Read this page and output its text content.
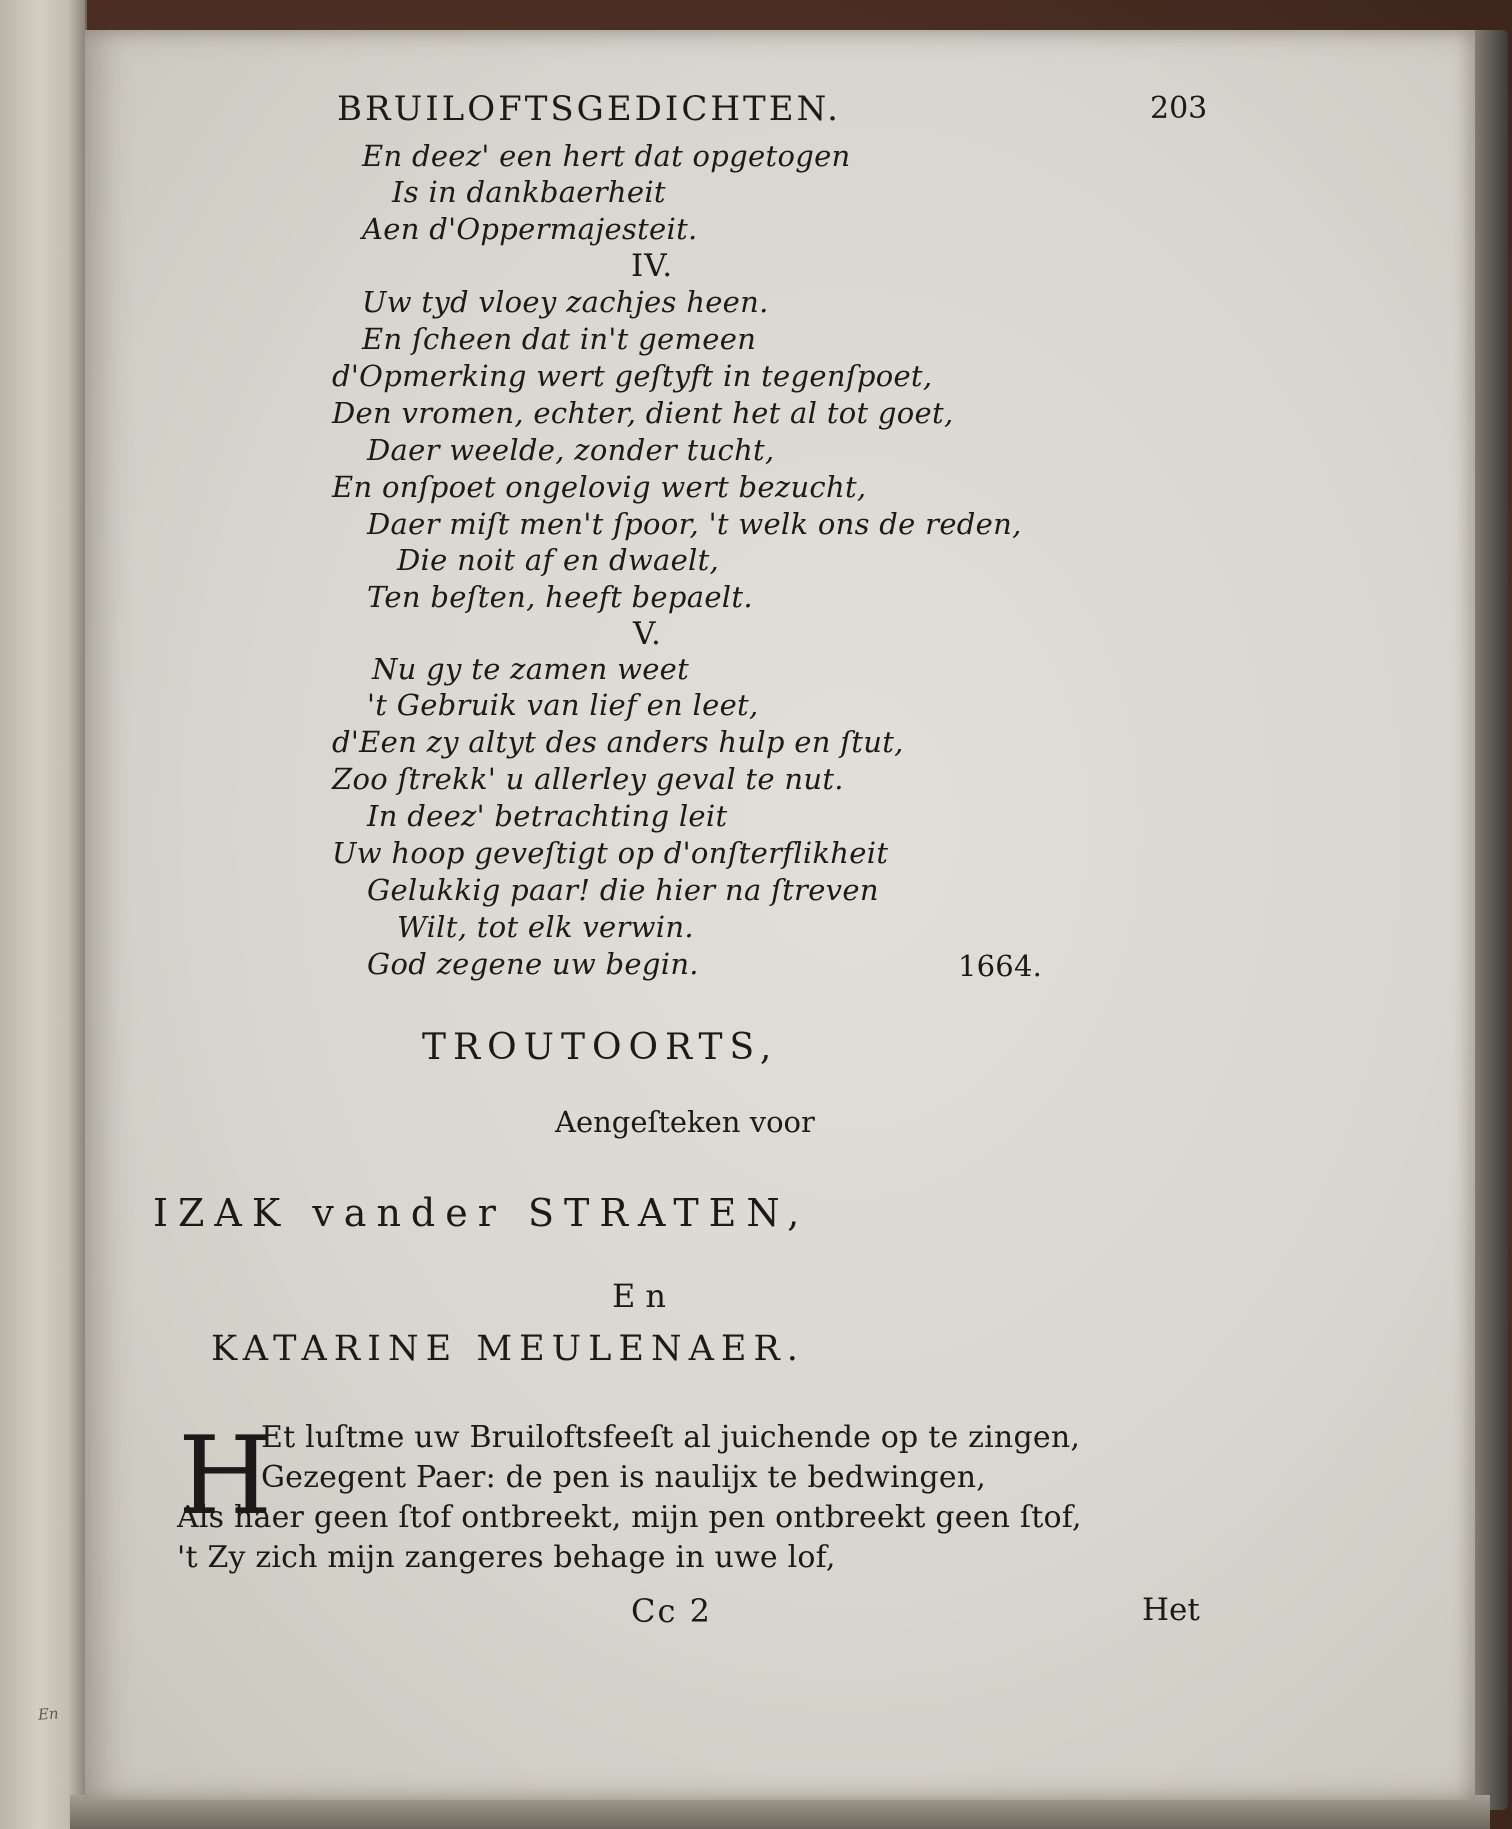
En
BRUILOFTSGEDICHTEN.	203
En deez' een hert dat opgetogen
Is in dankbaerheit
Aen d'Oppermajesteit.
IV.
Uw tyd vloey zachjes heen.
En ſcheen dat in't gemeen
d'Opmerking wert geſtyft in tegenſpoet,
Den vromen, echter, dient het al tot goet,
Daer weelde, zonder tucht,
En onſpoet ongelovig wert bezucht,
Daer miſt men't ſpoor, 't welk ons de reden,
Die noit af en dwaelt,
Ten beſten, heeft bepaelt.
V.
Nu gy te zamen weet
't Gebruik van lief en leet,
d'Een zy altyt des anders hulp en ſtut,
Zoo ſtrekk' u allerley geval te nut.
In deez' betrachting leit
Uw hoop geveſtigt op d'onſterflikheit
Gelukkig paar! die hier na ſtreven
Wilt, tot elk verwin.
God zegene uw begin.	1664.
TROUTOORTS,
Aengeſteken voor
IZAK vander STRATEN,
En
KATARINE MEULENAER.
H
Et luſtme uw Bruiloftsfeeſt al juichende op te zingen,
Gezegent Paer: de pen is naulijx te bedwingen,
Als haer geen ſtof ontbreekt, mijn pen ontbreekt geen ſtof,
't Zy zich mijn zangeres behage in uwe lof,
Cc 2	Het
